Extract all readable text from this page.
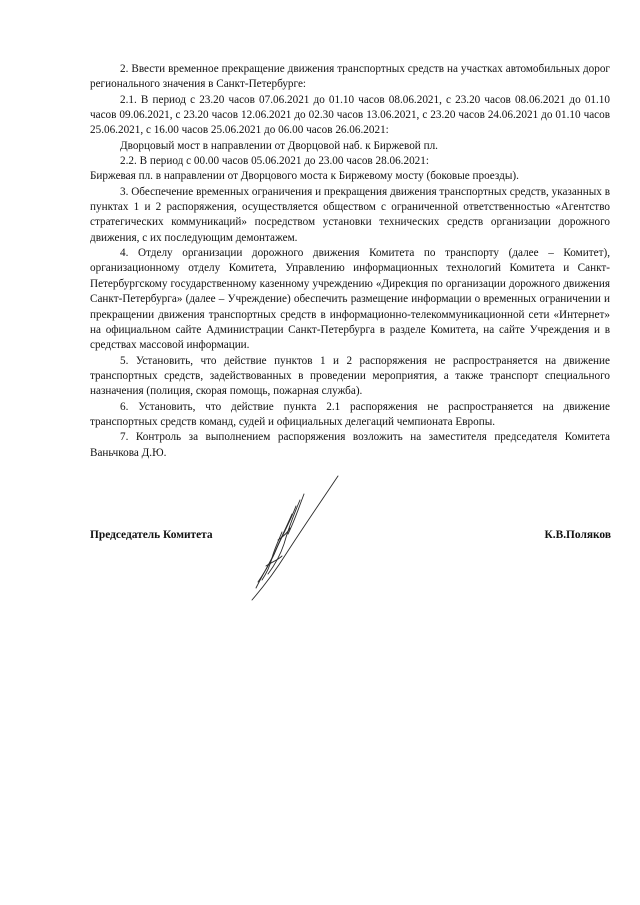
2. Ввести временное прекращение движения транспортных средств на участках автомобильных дорог регионального значения в Санкт-Петербурге:

2.1. В период с 23.20 часов 07.06.2021 до 01.10 часов 08.06.2021, с 23.20 часов 08.06.2021 до 01.10 часов 09.06.2021, с 23.20 часов 12.06.2021 до 02.30 часов 13.06.2021, с 23.20 часов 24.06.2021 до 01.10 часов 25.06.2021, с 16.00 часов 25.06.2021 до 06.00 часов 26.06.2021:

Дворцовый мост в направлении от Дворцовой наб. к Биржевой пл.

2.2. В период с 00.00 часов 05.06.2021 до 23.00 часов 28.06.2021:

Биржевая пл. в направлении от Дворцового моста к Биржевому мосту (боковые проезды).

3. Обеспечение временных ограничения и прекращения движения транспортных средств, указанных в пунктах 1 и 2 распоряжения, осуществляется обществом с ограниченной ответственностью «Агентство стратегических коммуникаций» посредством установки технических средств организации дорожного движения, с их последующим демонтажем.

4. Отделу организации дорожного движения Комитета по транспорту (далее – Комитет), организационному отделу Комитета, Управлению информационных технологий Комитета и Санкт-Петербургскому государственному казенному учреждению «Дирекция по организации дорожного движения Санкт-Петербурга» (далее – Учреждение) обеспечить размещение информации о временных ограничении и прекращении движения транспортных средств в информационно-телекоммуникационной сети «Интернет» на официальном сайте Администрации Санкт-Петербурга в разделе Комитета, на сайте Учреждения и в средствах массовой информации.

5. Установить, что действие пунктов 1 и 2 распоряжения не распространяется на движение транспортных средств, задействованных в проведении мероприятия, а также транспорт специального назначения (полиция, скорая помощь, пожарная служба).

6. Установить, что действие пункта 2.1 распоряжения не распространяется на движение транспортных средств команд, судей и официальных делегаций чемпионата Европы.

7. Контроль за выполнением распоряжения возложить на заместителя председателя Комитета Ваньчкова Д.Ю.

Председатель Комитета	К.В.Поляков
